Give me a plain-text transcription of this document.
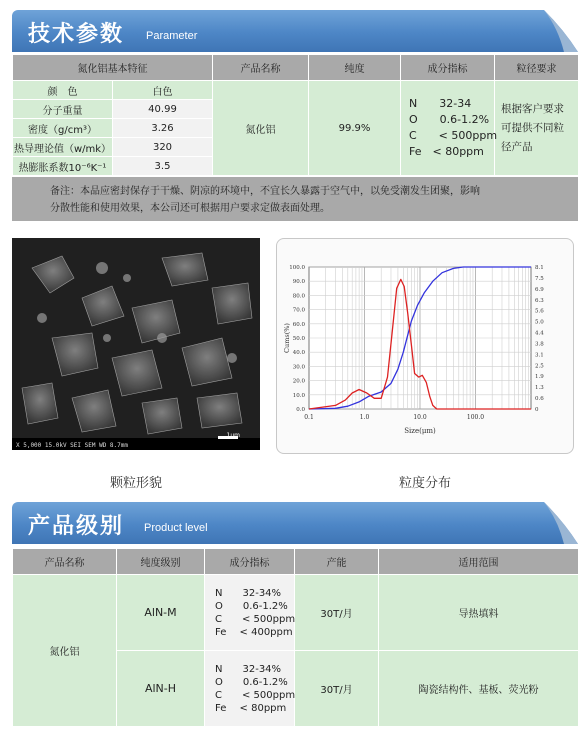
技术参数 Parameter
氮化铝基本特征		产品名称	纯度	成分指标	粒径要求
颜　色	白色	氮化铝	99.9%	N　　32-34
O　　0.6-1.2%
C　　< 500ppm
Fe　< 80ppm	根据客户要求可提供不同粒径产品
分子重量	40.99				
密度（g/cm³）	3.26				
热导理论值（w/mk）	320				
热膨胀系数10⁻⁶K⁻¹	3.5				
备注：本品应密封保存于干燥、阴凉的环境中，不宜长久暴露于空气中，以免受潮发生团聚，影响
分散性能和使用效果，本公司还可根据用户要求定做表面处理。
X 5,000 15.0kV SEI SEM WD 8.7mm
1μm
颗粒形貌
0.0
10.0
20.0
30.0
40.0
50.0
60.0
70.0
80.0
90.0
100.0
0
0.6
1.3
1.9
2.5
3.1
3.8
4.4
5.0
5.6
6.3
6.9
7.5
8.1
0.1	1.0	10.0	100.0
Cums(%)
Size(μm)
粒度分布
产品级别 Product level
产品名称	纯度级别	成分指标	产能	适用范围
氮化铝	AlN-M	N　　32-34%
O　　0.6-1.2%
C　　< 500ppm
Fe　 < 400ppm	30T/月	导热填料
	AlN-H	N　　32-34%
O　　0.6-1.2%
C　　< 500ppm
Fe　 < 80ppm	30T/月	陶瓷结构件、基板、荧光粉
